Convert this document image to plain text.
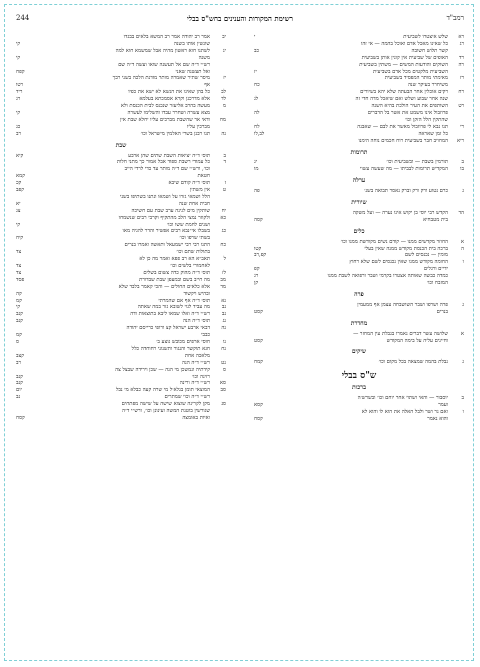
רמב"ד
רשימת המקורות והענינים בחש"ס בבלי
244
רא
שלש איצטרו לשביעית
י
רג
כל שאינו מאכל אדם ואוכל בהמה — אי זהו
קשר תלוש חשובה
כב
רד
האופים של שביעית אין קונין אותן בשביעית
רה
השוקים והודעות המשים — משתין בשביעית
השביעית מלקטים מכל אדם בשביעית
יז
רז
מאימתי מותר המפסיד בשביעית
משיחרר בעיקר שנה
כח
רח
רקים אוכלין אחר הבעתה שלא יהא בשיורים
שנה אחר שבוע ושלש ואם שיאכל מדה חדי זה
לג
רט
השותפים את העיר הולכת בהיא השנה
פרוזבול אינו משמט את אשר בל הדברים
לה
שהתקין הלל הזקן וכו׳
רי
תנו נבא לי פרוזבול מאשר את לבם — שאבנה
לח
כל זמן שאראה
לב,לו
ריא
המחויב חבר בשביעית רוח חכמים נוחה הימנו
תרומות
ב
תורמין בשבת — ובשביעית וכו׳
יג
בו
המקדיש תרומות לבביתו — מה שעשה עשוי
מו
ערלה
ג
כרם נטוע ורק ורק וברק נאסר תבואה בשנ׳
פה
שיורית
הד
הקדש רבי יוסי בן יקוש אינו נערה — ועל משקה
בית מטבחיא
קסה
כלים
א
החוזר מקדשים ממנו — קודם נשים מקודשת ממנו וכו׳
ה
ברכה בית הכנסת מקודש ממנה שאין בעלי
קטו
מומין — נכנסים לשם
קפ,רב
ו
החומה מקודש ממנו שאין נכנסים לשם שלא רחוץ
ידיים ורגלים
קפ
כמדה כבשה שאותה אצטרו בקרמי ושבר ורפואה לשבת ממנו
רג
המזבח וכו׳
קן
פרה
ג
פרה ושרפו ושבר השושבחה עצמן אף ממעמין
בנרים
קסט
מחדרת
א
שלושה עשר דברים נאמרו בגבלת עין המחזר —
וחיינים עליה על בימה המקודש
קסט
שיקים
ג
נבלת בהמה שמצאה בכל מקום וכו׳
קמח
ש"ס בבלי
ברכות
ב
יוסבור — והאי ושתוי אחר יוחם וכו׳ ובשרש׳ה
ועמר
קסא
ו
ואם נר ושר ולבל האלה את הוא לו והוא לא
והוא נאמר
קסח
יב
אמר רב יהודה אמר רב המשא בלאים בבגדו
שונשין אותו בשנה
קי
יג
לשתנו חוא ראשון מהיה אבל שמשמא חוא למה
משנה
קי
רש״י ד״ה שם אל תעשנה שואו ועשה ד״ה שם
ואל תעשנה שאני
קפח
יז
מיסר שתיר שאמרה מותר מזדנת הלכה בשני רבך
אף
רטו
לב
כל בהן שאינו את הנשא לא ישא את כפיו
ריד
לד
אלא מדרכנן וקרא אסמכתא בעלמא
רג
מ
מעשה בהרב אליעזר שנכנס לבית הכנסת ולא
מצא עשרה ושחרר עבדו והשלימו לעשרה
קי
מח
ודאי אר שהשבת מברכים עליו יחלא שבת אין
מברכין עליו
כג
נה
תנו רבנן בשרי האלמין מישראל וכו׳
רב
שבת
ב
תוס׳ ד״ה יציאות השבת שתים שהן ארבע
קיא
ד
כל עמודי רשבת ספוד אבל אמור כך מתני חלות
וכו׳, ורש״י שם ד״ה מותר עד כדי לרדי הייב
חטאת
קמא
ז
תוס׳ ד״ה קודם שיבא
קכ
ט
אין משתין
קפב
הלל ושמאי גזרו על ושמאו ונתנו בשתיפו בשני
חבית אחת שנה
יא
יח
שותקין מים לגינה ערב שבת עם חשיכה
צג
כא
ולקוזר נמצי הלב מהתקיף וקרבי רבים שנשמחו
ושנים לחמת ששו וכו׳
קי
כג
בשבלו אי״נבא רבים אפשיר והדר להגיה מאו
בשתי שרפו וכו׳
קיח
כח
התנו רבי רבי ישמעאל ותאשה ואמרו בנרים
בתולות שתם וכו׳
צד
ל
תאב״א הא רב פפא ואמר מה כן לא
לאחמורי בלשים וכו׳
צד
לז
תוס׳ ד״ה מהוק כדה צשום בשלים
צד
מב
מה חייב בשם ובמעפן שבת שבדורת
פסד
מד
אלא כלאים החולים — והכי קאמר בלבד שלא
ובהיש ויקשוד
קה
נא
תוס׳ ד״ה אף אם שהמרתי
קמ
נב
מה עביד לגוי לשובא גזר במה שאתה
קי
נב
רש״י ד״ה ואלו שמאו ליבא בתוצאות ודה
קנב
נג
תוס׳ ד״ה הנה
קנב
נה
דבאי ארבע ישראל קצ ורופי כרייסם יהודה
כבבי
קמ
נו
חוסי ארפים מכובש גוצע ב׳
ס
נח
חגא תוקשר והנגור ותשנוני רחוחדה כלל
מלאכה אחת
קצב
נט
רש״י ד״ה הנה
רב
ס
קידתיה ונמשכן מי הנה — שכן וירידה שבצל צה
רזינה וכו׳
קנב
סא
רש״י ד״ה ורינה
קנב
סב
המוצאי תומן בגלא׳ל מי שרה קעה כבלא מי נבל
יום
רש״י ד״ה וכוי שמתרים
נב
סג
מקן לקרינה שוצוא שישה על שישה מפתחים
שגורשין בוטנת המשה ועינונן וכו׳, ורש״י ד״ה
ואיות באומצה
קסח
